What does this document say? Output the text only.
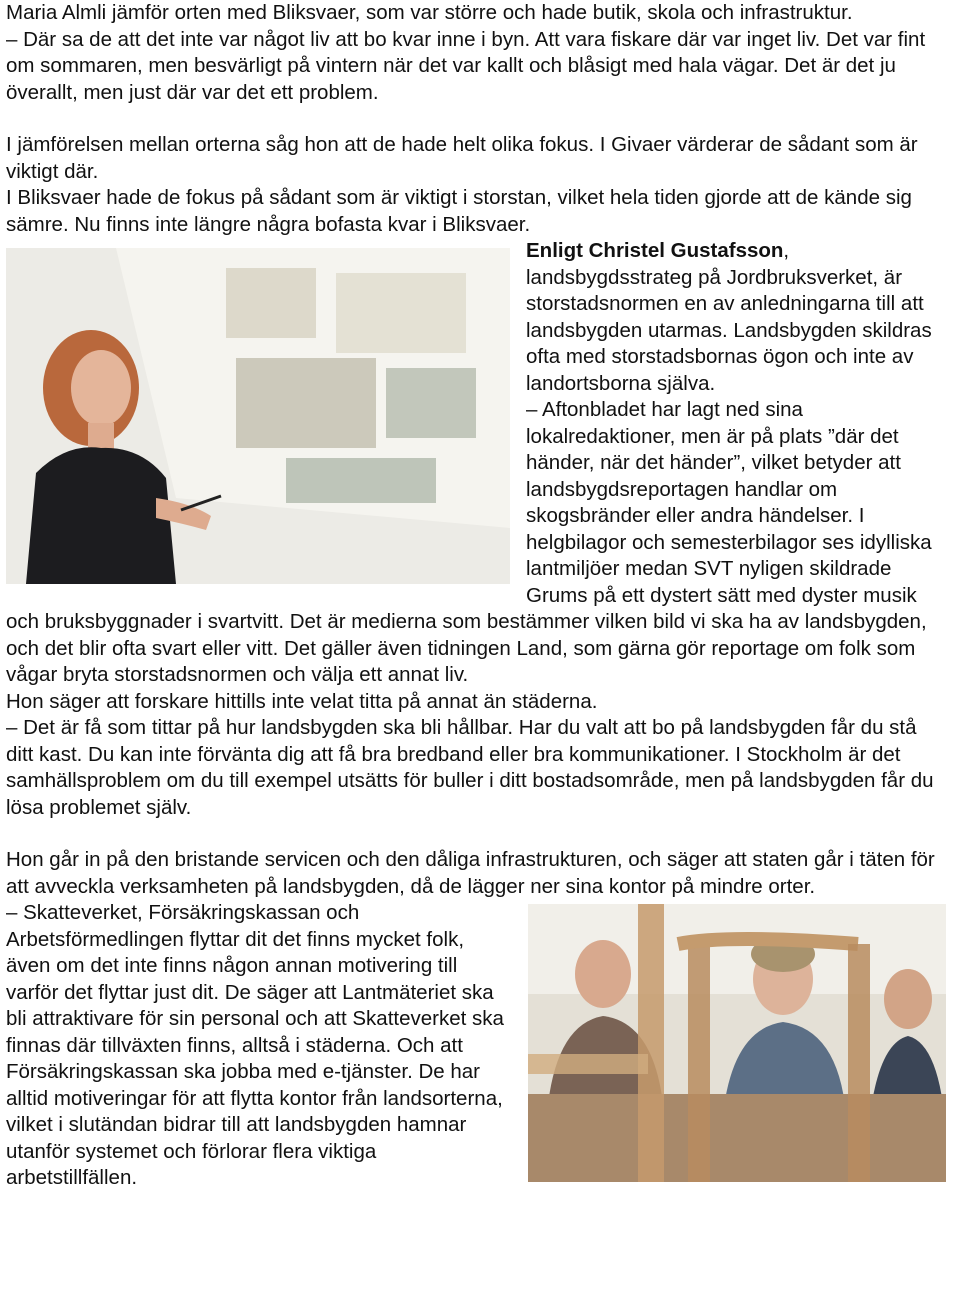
Maria Almli jämför orten med Bliksvaer, som var större och hade butik, skola och infrastruktur.

– Där sa de att det inte var något liv att bo kvar inne i byn. Att vara fiskare där var inget liv. Det var fint om sommaren, men besvärligt på vintern när det var kallt och blåsigt med hala vägar. Det är det ju överallt, men just där var det ett problem.

I jämförelsen mellan orterna såg hon att de hade helt olika fokus. I Givaer värderar de sådant som är viktigt där.

I Bliksvaer hade de fokus på sådant som är viktigt i storstan, vilket hela tiden gjorde att de kände sig sämre. Nu finns inte längre några bofasta kvar i Bliksvaer.

Enligt Christel Gustafsson, landsbygdsstrateg på Jordbruksverket, är storstadsnormen en av anledningarna till att landsbygden utarmas. Landsbygden skildras ofta med storstadsbornas ögon och inte av landortsborna själva.

– Aftonbladet har lagt ned sina lokalredaktioner, men är på plats ”där det händer, när det händer”, vilket betyder att landsbygdsreportagen handlar om skogsbränder eller andra händelser. I helgbilagor och semesterbilagor ses idylliska lantmiljöer medan SVT nyligen skildrade Grums på ett dystert sätt med dyster musik och bruksbyggnader i svartvitt. Det är medierna som bestämmer vilken bild vi ska ha av landsbygden, och det blir ofta svart eller vitt. Det gäller även tidningen Land, som gärna gör reportage om folk som vågar bryta storstadsnormen och välja ett annat liv.

Hon säger att forskare hittills inte velat titta på annat än städerna.

– Det är få som tittar på hur landsbygden ska bli hållbar. Har du valt att bo på landsbygden får du stå ditt kast. Du kan inte förvänta dig att få bra bredband eller bra kommunikationer. I Stockholm är det samhällsproblem om du till exempel utsätts för buller i ditt bostadsområde, men på landsbygden får du lösa problemet själv.

Hon går in på den bristande servicen och den dåliga infrastrukturen, och säger att staten går i täten för att avveckla verksamheten på landsbygden, då de lägger ner sina kontor på mindre orter.

– Skatteverket, Försäkringskassan och Arbetsförmedlingen flyttar dit det finns mycket folk, även om det inte finns någon annan motivering till varför det flyttar just dit. De säger att Lantmäteriet ska bli attraktivare för sin personal och att Skatteverket ska finnas där tillväxten finns, alltså i städerna. Och att Försäkringskassan ska jobba med e-tjänster. De har alltid motiveringar för att flytta kontor från landsorterna, vilket i slutändan bidrar till att landsbygden hamnar utanför systemet och förlorar flera viktiga arbetstillfällen.
